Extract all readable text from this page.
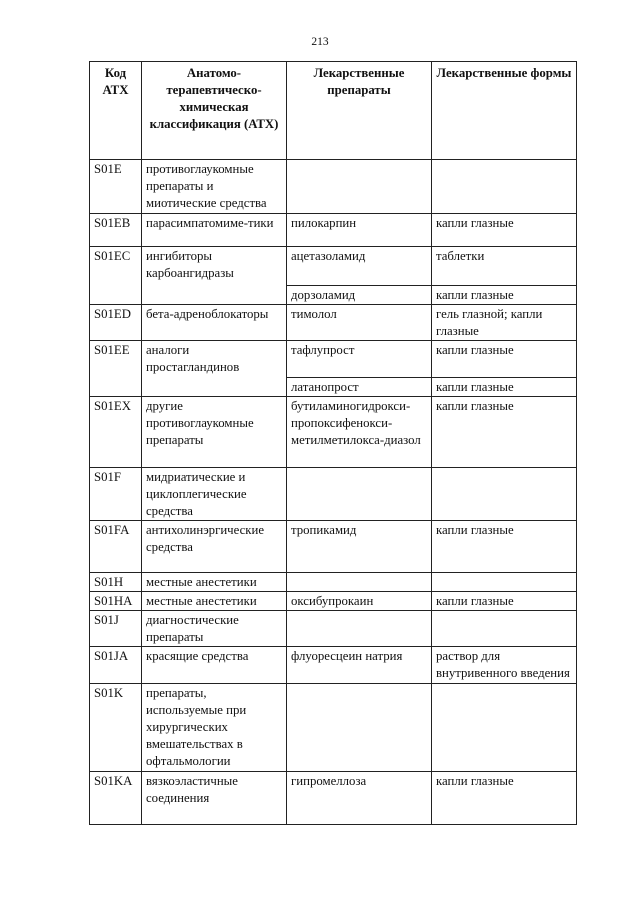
213
Код АТХ	Анатомо-терапевтическо-химическая классификация (АТХ)	Лекарственные препараты	Лекарственные формы
S01E	противоглаукомные препараты и миотические средства		
S01EB	парасимпатомиме-тики	пилокарпин	капли глазные
S01EC	ингибиторы карбоангидразы	ацетазоламид	таблетки
		дорзоламид	капли глазные
S01ED	бета-адреноблокаторы	тимолол	гель глазной; капли глазные
S01EE	аналоги простагландинов	тафлупрост	капли глазные
		латанопрост	капли глазные
S01EX	другие противоглаукомные препараты	бутиламиногидрокси-пропоксифенокси-метилметилоксa-диазол	капли глазные
S01F	мидриатические и циклоплегические средства		
S01FA	антихолинэргические средства	тропикамид	капли глазные
S01H	местные анестетики		
S01HA	местные анестетики	оксибупрокаин	капли глазные
S01J	диагностические препараты		
S01JA	красящие средства	флуоресцеин натрия	раствор для внутривенного введения
S01K	препараты, используемые при хирургических вмешательствах в офтальмологии		
S01KA	вязкоэластичные соединения	гипромеллоза	капли глазные
